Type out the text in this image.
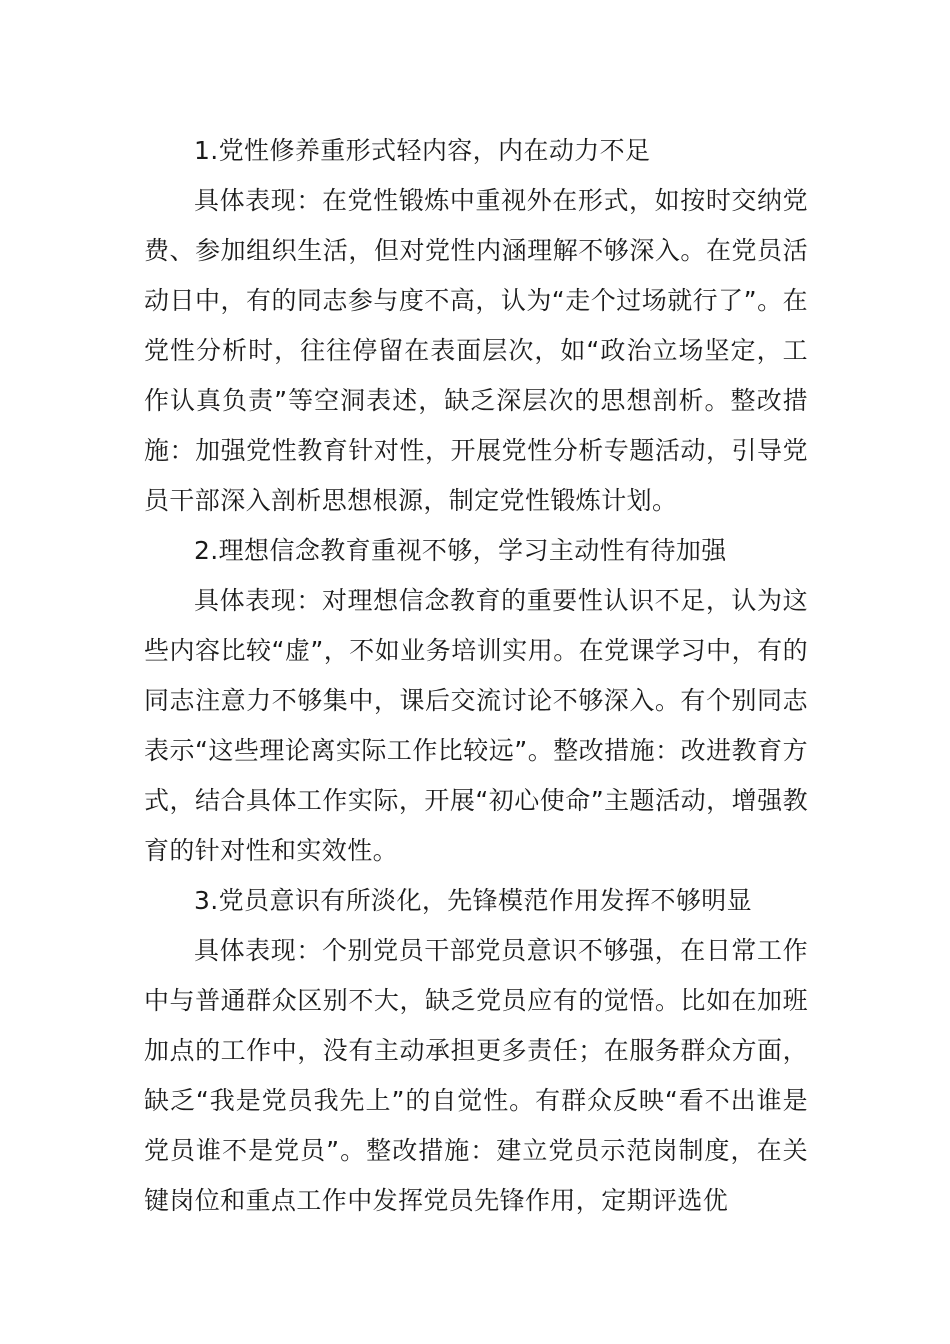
1.党性修养重形式轻内容，内在动力不足

具体表现：在党性锻炼中重视外在形式，如按时交纳党费、参加组织生活，但对党性内涵理解不够深入。在党员活动日中，有的同志参与度不高，认为“走个过场就行了”。在党性分析时，往往停留在表面层次，如“政治立场坚定，工作认真负责”等空洞表述，缺乏深层次的思想剖析。整改措施：加强党性教育针对性，开展党性分析专题活动，引导党员干部深入剖析思想根源，制定党性锻炼计划。

2.理想信念教育重视不够，学习主动性有待加强

具体表现：对理想信念教育的重要性认识不足，认为这些内容比较“虚”，不如业务培训实用。在党课学习中，有的同志注意力不够集中，课后交流讨论不够深入。有个别同志表示“这些理论离实际工作比较远”。整改措施：改进教育方式，结合具体工作实际，开展“初心使命”主题活动，增强教育的针对性和实效性。

3.党员意识有所淡化，先锋模范作用发挥不够明显

具体表现：个别党员干部党员意识不够强，在日常工作中与普通群众区别不大，缺乏党员应有的觉悟。比如在加班加点的工作中，没有主动承担更多责任；在服务群众方面，缺乏“我是党员我先上”的自觉性。有群众反映“看不出谁是党员谁不是党员”。整改措施：建立党员示范岗制度，在关键岗位和重点工作中发挥党员先锋作用，定期评选优
